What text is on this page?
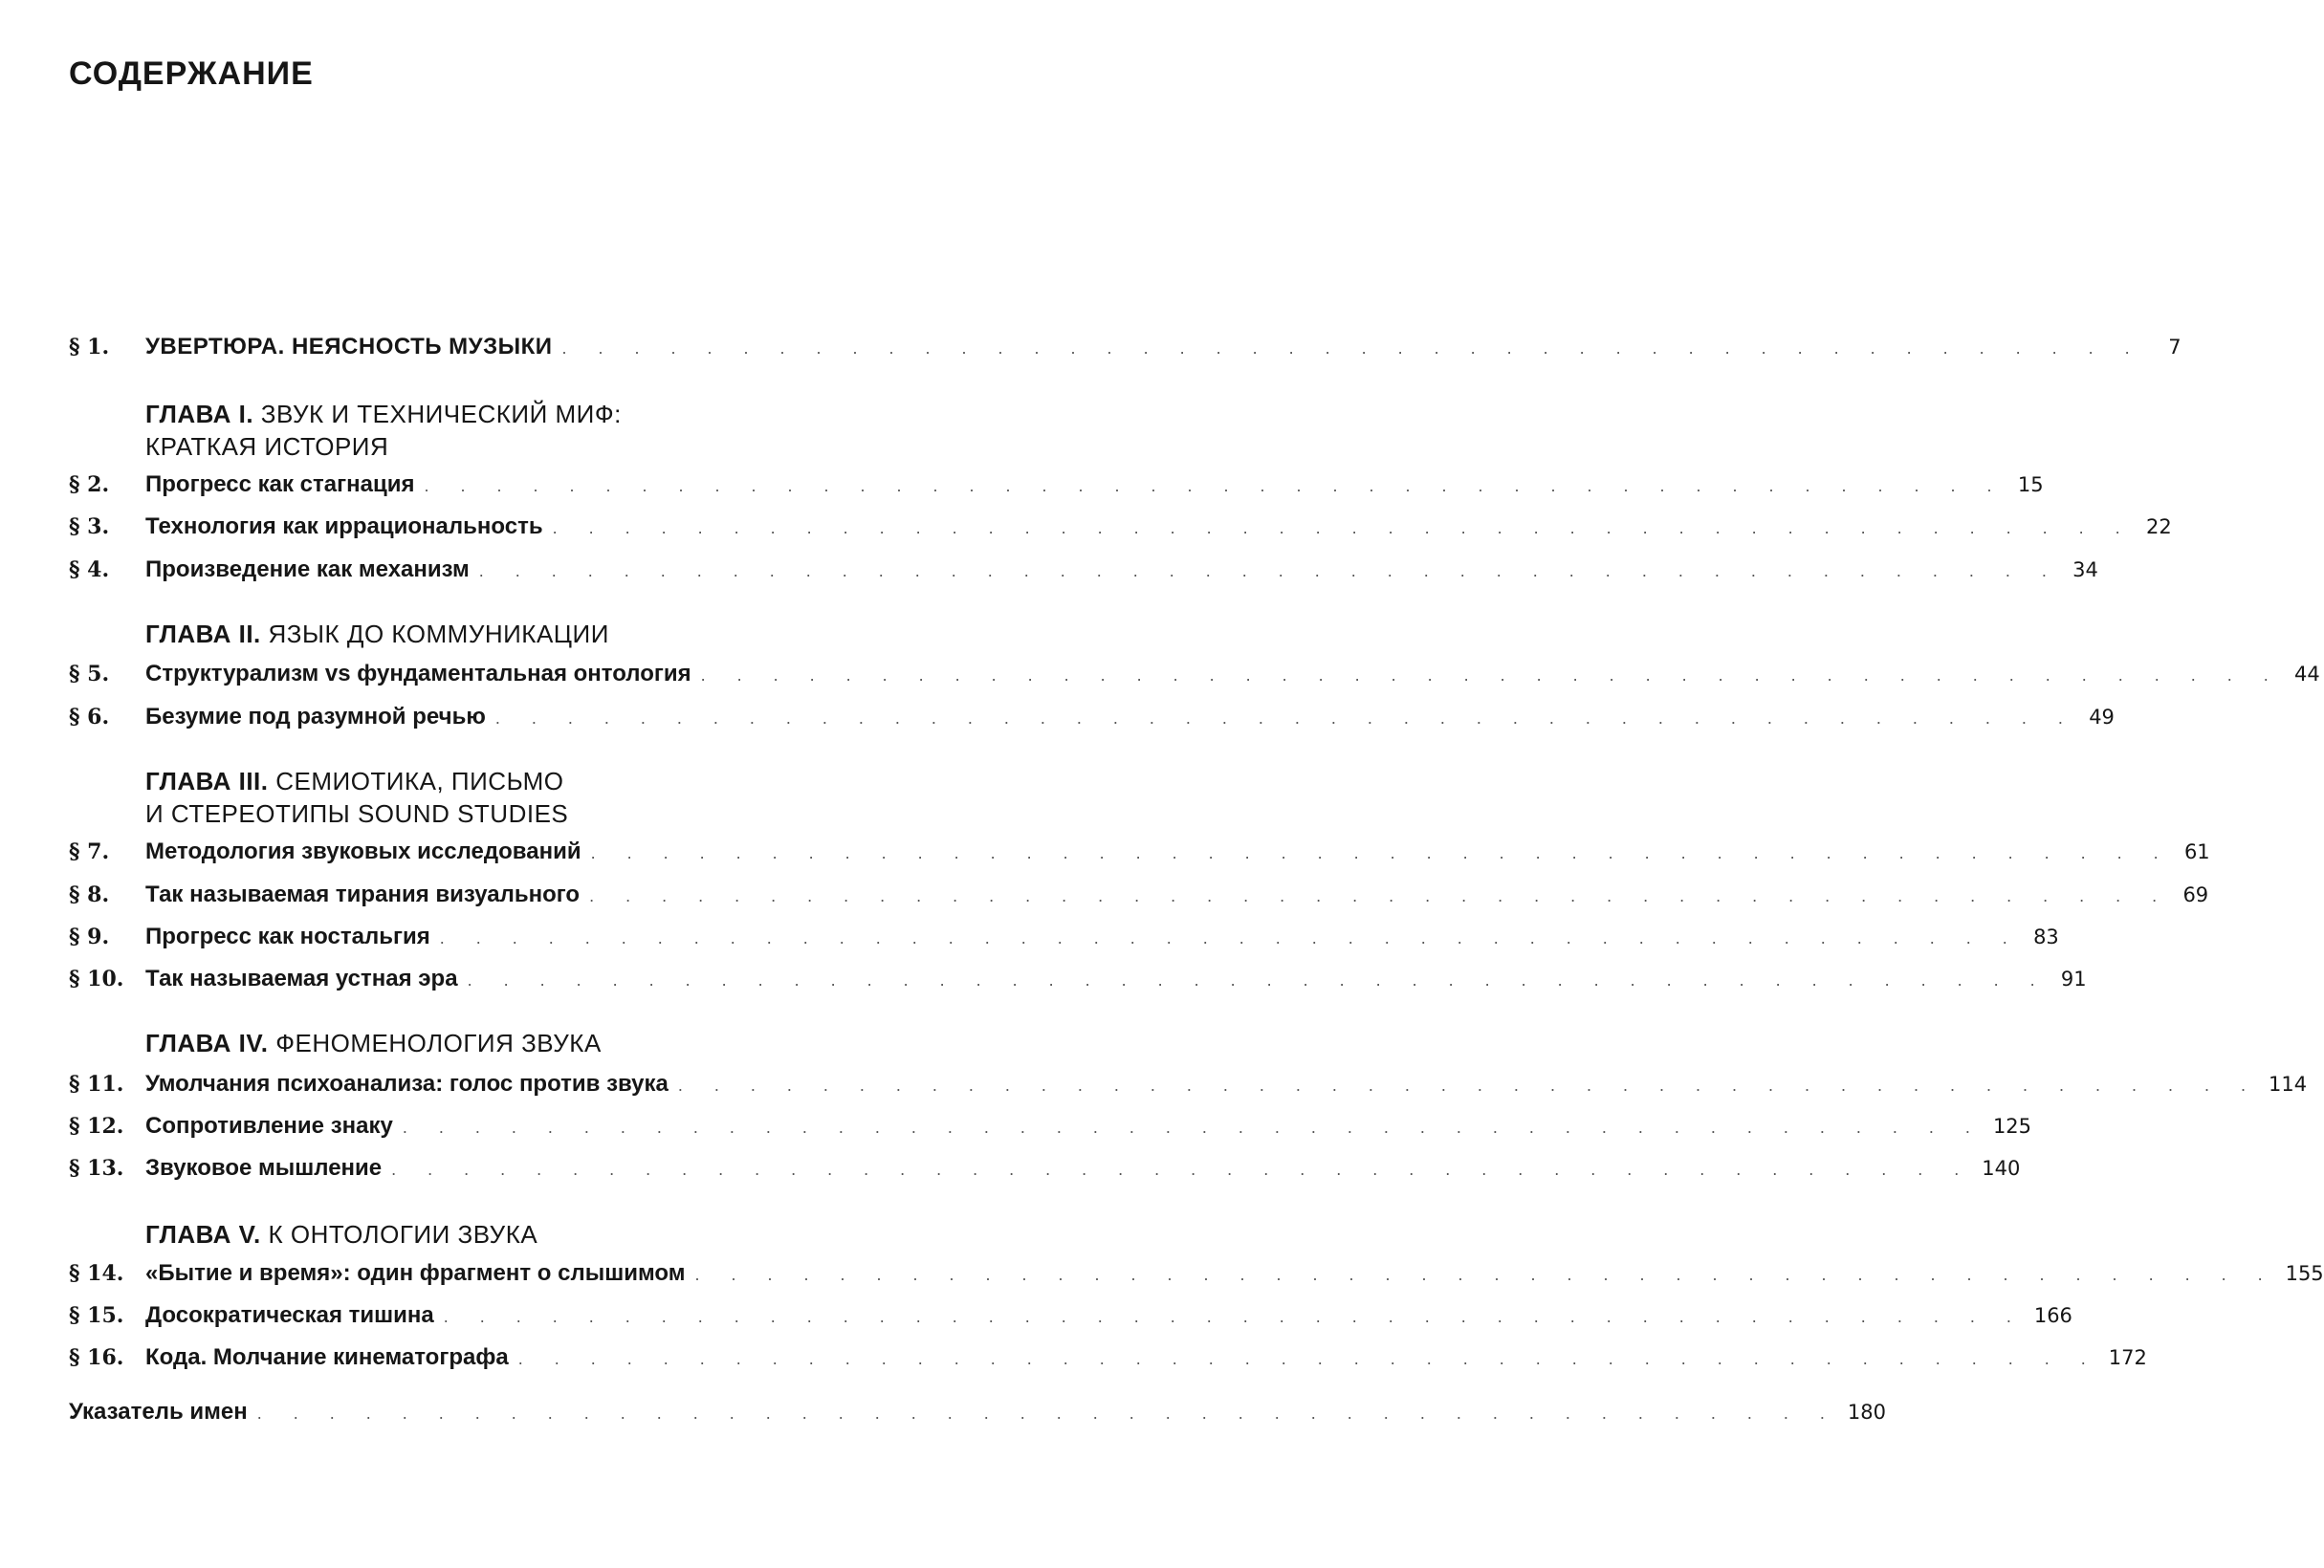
СОДЕРЖАНИЕ
§ 1.	УВЕРТЮРА. НЕЯСНОСТЬ МУЗЫКИ . . . . . . . . . . . . . . . . . . . . . . . . . . . . . . . . . . . . . . . . . . . .	7
ГЛАВА I. ЗВУК И ТЕХНИЧЕСКИЙ МИФ:
КРАТКАЯ ИСТОРИЯ
§ 2.	Прогресс как стагнация . . . . . . . . . . . . . . . . . . . . . . . . . . . . . . . . . . . . . . . . . . . . 15
§ 3.	Технология как иррациональность . . . . . . . . . . . . . . . . . . . . . . . . . . . . . . . . . . . . . . . . . . . . 22
§ 4.	Произведение как механизм . . . . . . . . . . . . . . . . . . . . . . . . . . . . . . . . . . . . . . . . . . . . 34
ГЛАВА II. ЯЗЫК ДО КОММУНИКАЦИИ
§ 5.	Структурализм vs фундаментальная онтология . . . . . . . . . . . . . . . . . . . . . . . . . . . . . . . . . . . . . . . . . . . . 44
§ 6.	Безумие под разумной речью . . . . . . . . . . . . . . . . . . . . . . . . . . . . . . . . . . . . . . . . . . . . 49
ГЛАВА III. СЕМИОТИКА, ПИСЬМО
И СТЕРЕОТИПЫ SOUND STUDIES
§ 7.	Методология звуковых исследований . . . . . . . . . . . . . . . . . . . . . . . . . . . . . . . . . . . . . . . . . . . . 61
§ 8.	Так называемая тирания визуального . . . . . . . . . . . . . . . . . . . . . . . . . . . . . . . . . . . . . . . . . . . . 69
§ 9.	Прогресс как ностальгия . . . . . . . . . . . . . . . . . . . . . . . . . . . . . . . . . . . . . . . . . . . . 83
§ 10. Так называемая устная эра . . . . . . . . . . . . . . . . . . . . . . . . . . . . . . . . . . . . . . . . . . . . 91
ГЛАВА IV. ФЕНОМЕНОЛОГИЯ ЗВУКА
§ 11. Умолчания психоанализа: голос против звука . . . . . . . . . . . . . . . . . . . . . . . . . . . . . . . . . . . . . . . . . . . . 114
§ 12. Сопротивление знаку . . . . . . . . . . . . . . . . . . . . . . . . . . . . . . . . . . . . . . . . . . . . 125
§ 13. Звуковое мышление . . . . . . . . . . . . . . . . . . . . . . . . . . . . . . . . . . . . . . . . . . . . 140
ГЛАВА V. К ОНТОЛОГИИ ЗВУКА
§ 14. «Бытие и время»: один фрагмент о слышимом . . . . . . . . . . . . . . . . . . . . . . . . . . . . . . . . . . . . . . . . . . . . 155
§ 15. Досократическая тишина . . . . . . . . . . . . . . . . . . . . . . . . . . . . . . . . . . . . . . . . . . . . 166
§ 16. Кода. Молчание кинематографа . . . . . . . . . . . . . . . . . . . . . . . . . . . . . . . . . . . . . . . . . . . . 172
Указатель имен . . . . . . . . . . . . . . . . . . . . . . . . . . . . . . . . . . . . . . . . . . . . 180
